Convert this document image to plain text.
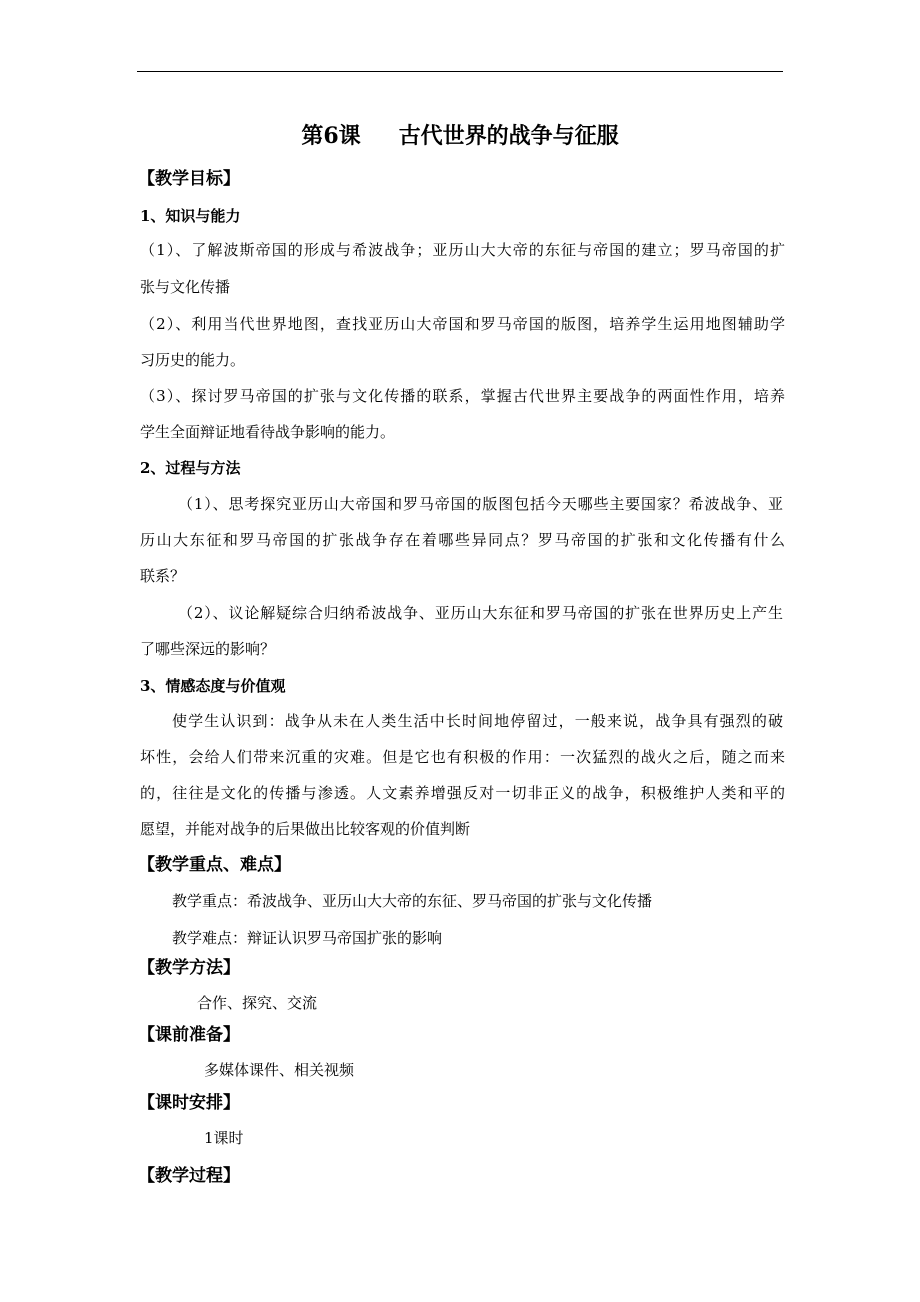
第6课 古代世界的战争与征服
【教学目标】
1、知识与能力
（1）、了解波斯帝国的形成与希波战争；亚历山大大帝的东征与帝国的建立；罗马帝国的扩
张与文化传播
（2）、利用当代世界地图，查找亚历山大帝国和罗马帝国的版图，培养学生运用地图辅助学
习历史的能力。
（3）、探讨罗马帝国的扩张与文化传播的联系，掌握古代世界主要战争的两面性作用，培养
学生全面辩证地看待战争影响的能力。
2、过程与方法
（1）、思考探究亚历山大帝国和罗马帝国的版图包括今天哪些主要国家？希波战争、亚
历山大东征和罗马帝国的扩张战争存在着哪些异同点？罗马帝国的扩张和文化传播有什么
联系？
（2）、议论解疑综合归纳希波战争、亚历山大东征和罗马帝国的扩张在世界历史上产生
了哪些深远的影响？
3、情感态度与价值观
使学生认识到：战争从未在人类生活中长时间地停留过，一般来说，战争具有强烈的破
坏性，会给人们带来沉重的灾难。但是它也有积极的作用：一次猛烈的战火之后，随之而来
的，往往是文化的传播与渗透。人文素养增强反对一切非正义的战争，积极维护人类和平的
愿望，并能对战争的后果做出比较客观的价值判断
【教学重点、难点】
教学重点：希波战争、亚历山大大帝的东征、罗马帝国的扩张与文化传播
教学难点：辩证认识罗马帝国扩张的影响
【教学方法】
合作、探究、交流
【课前准备】
多媒体课件、相关视频
【课时安排】
1课时
【教学过程】
